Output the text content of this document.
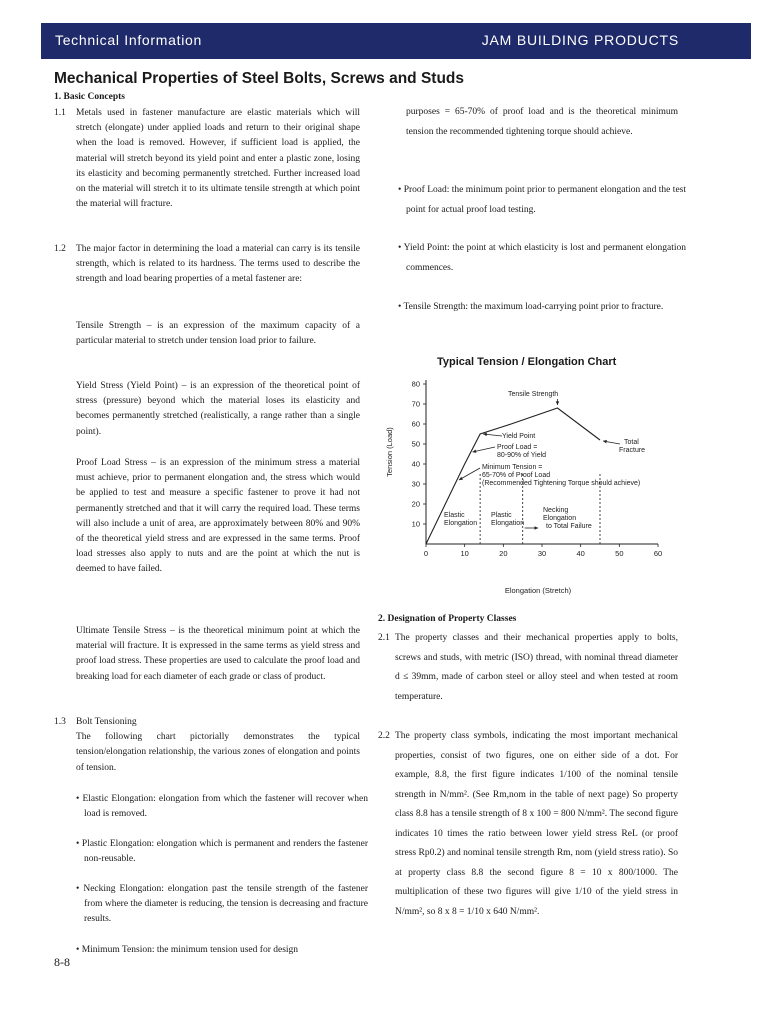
Technical Information	JAM BUILDING PRODUCTS
Mechanical Properties of Steel Bolts, Screws and Studs

1. Basic Concepts

1.1 Metals used in fastener manufacture are elastic materials which will stretch (elongate) under applied loads and return to their original shape when the load is removed. However, if sufficient load is applied, the material will stretch beyond its yield point and enter a plastic zone, losing its elasticity and becoming permanently stretched. Further increased load on the material will stretch it to its ultimate tensile strength at which point the material will fracture.

1.2 The major factor in determining the load a material can carry is its tensile strength, which is related to its hardness. The terms used to describe the strength and load bearing properties of a metal fastener are:

Tensile Strength – is an expression of the maximum capacity of a particular material to stretch under tension load prior to failure.

Yield Stress (Yield Point) – is an expression of the theoretical point of stress (pressure) beyond which the material loses its elasticity and becomes permanently stretched (realistically, a range rather than a single point).

Proof Load Stress – is an expression of the minimum stress a material must achieve, prior to permanent elongation and, the stress which would be applied to test and measure a specific fastener to prove it had not permanently stretched and that it will carry the required load. These terms will also include a unit of area, are approximately between 80% and 90% of the theoretical yield stress and are expressed in the same terms. Proof load stresses also apply to nuts and are the point at which the nut is deemed to have failed.

Ultimate Tensile Stress – is the theoretical minimum point at which the material will fracture. It is expressed in the same terms as yield stress and proof load stress. These properties are used to calculate the proof load and breaking load for each diameter of each grade or class of product.

1.3 Bolt Tensioning

The following chart pictorially demonstrates the typical tension/elongation relationship, the various zones of elongation and points of tension.

• Elastic Elongation: elongation from which the fastener will recover when load is removed.

• Plastic Elongation: elongation which is permanent and renders the fastener non-reusable.

• Necking Elongation: elongation past the tensile strength of the fastener from where the diameter is reducing, the tension is decreasing and fracture results.

• Minimum Tension: the minimum tension used for design

8-8

purposes = 65-70% of proof load and is the theoretical minimum tension the recommended tightening torque should achieve.

• Proof Load: the minimum point prior to permanent elongation and the test point for actual proof load testing.

• Yield Point: the point at which elasticity is lost and permanent elongation commences.

• Tensile Strength: the maximum load-carrying point prior to fracture.

Typical Tension / Elongation Chart
0	10	20	30	40	50	60
10
20
30
40
50
60
70
80
Tensile Strength
Yield Point
Proof Load =
80-90% of Yield
Minimum Tension =
65-70% of Proof Load
(Recommended Tightening Torque should achieve)
Total
Fracture
Elastic
Elongation
Plastic
Elongation
Necking
Elongation
to Total Failure
Elongation (Stretch)
Tension (Load)

2. Designation of Property Classes

2.1 The property classes and their mechanical properties apply to bolts, screws and studs, with metric (ISO) thread, with nominal thread diameter d ≤ 39mm, made of carbon steel or alloy steel and when tested at room temperature.

2.2 The property class symbols, indicating the most important mechanical properties, consist of two figures, one on either side of a dot. For example, 8.8, the first figure indicates 1/100 of the nominal tensile strength in N/mm². (See Rm,nom in the table of next page) So property class 8.8 has a tensile strength of 8 x 100 = 800 N/mm². The second figure indicates 10 times the ratio between lower yield stress ReL (or proof stress Rp0.2) and nominal tensile strength Rm, nom (yield stress ratio). So at property class 8.8 the second figure 8 = 10 x 800/1000. The multiplication of these two figures will give 1/10 of the yield stress in N/mm², so 8 x 8 = 1/10 x 640 N/mm².
